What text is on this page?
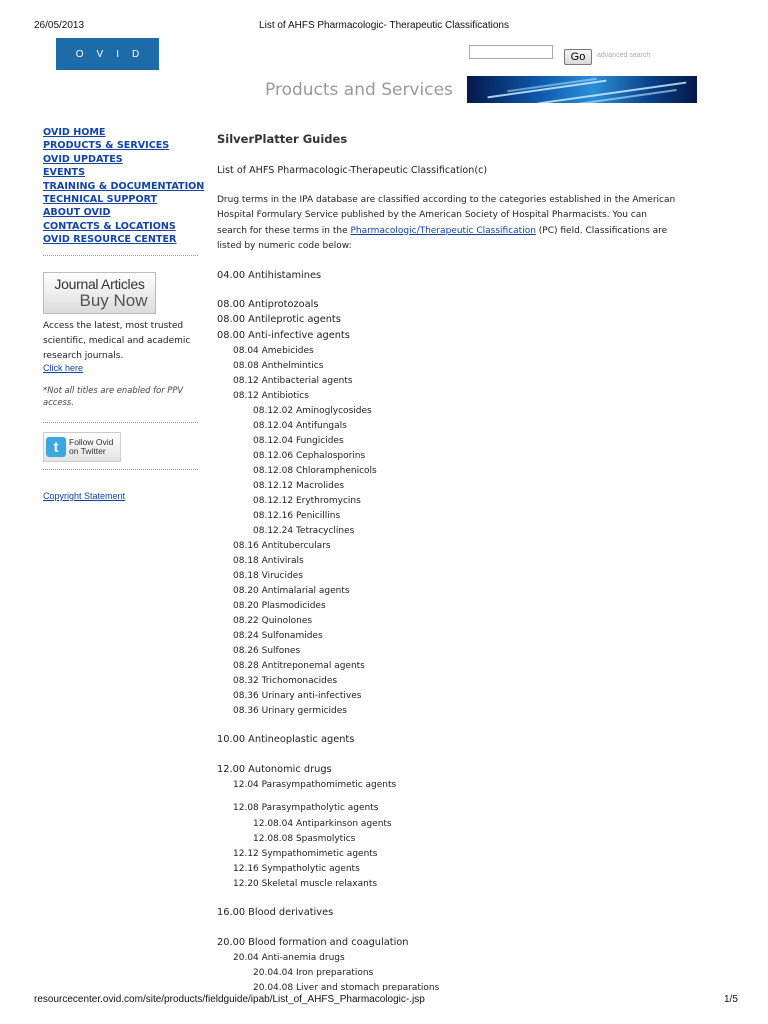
26/05/2013	List of AHFS Pharmacologic- Therapeutic Classifications
OVID	Go	advanced search
Products and Services
OVID HOME
PRODUCTS & SERVICES
OVID UPDATES
EVENTS
TRAINING & DOCUMENTATION
TECHNICAL SUPPORT
ABOUT OVID
CONTACTS & LOCATIONS
OVID RESOURCE CENTER
Journal Articles
Buy Now
Access the latest, most trusted scientific, medical and academic research journals.
Click here
*Not all titles are enabled for PPV access.
t	Follow Ovid
on Twitter
Copyright Statement
SilverPlatter Guides
List of AHFS Pharmacologic-Therapeutic Classification(c)
Drug terms in the IPA database are classified according to the categories established in the American Hospital Formulary Service published by the American Society of Hospital Pharmacists. You can search for these terms in the Pharmacologic/Therapeutic Classification (PC) field. Classifications are listed by numeric code below:
04.00 Antihistamines
08.00 Antiprotozoals
08.00 Antileprotic agents
08.00 Anti-infective agents
08.04 Amebicides
08.08 Anthelmintics
08.12 Antibacterial agents
08.12 Antibiotics
08.12.02 Aminoglycosides
08.12.04 Antifungals
08.12.04 Fungicides
08.12.06 Cephalosporins
08.12.08 Chloramphenicols
08.12.12 Macrolides
08.12.12 Erythromycins
08.12.16 Penicillins
08.12.24 Tetracyclines
08.16 Antituberculars
08.18 Antivirals
08.18 Virucides
08.20 Antimalarial agents
08.20 Plasmodicides
08.22 Quinolones
08.24 Sulfonamides
08.26 Sulfones
08.28 Antitreponemal agents
08.32 Trichomonacides
08.36 Urinary anti-infectives
08.36 Urinary germicides
10.00 Antineoplastic agents
12.00 Autonomic drugs
12.04 Parasympathomimetic agents
12.08 Parasympatholytic agents
12.08.04 Antiparkinson agents
12.08.08 Spasmolytics
12.12 Sympathomimetic agents
12.16 Sympatholytic agents
12.20 Skeletal muscle relaxants
16.00 Blood derivatives
20.00 Blood formation and coagulation
20.04 Anti-anemia drugs
20.04.04 Iron preparations
20.04.08 Liver and stomach preparations
resourcecenter.ovid.com/site/products/fieldguide/ipab/List_of_AHFS_Pharmacologic-.jsp	1/5
